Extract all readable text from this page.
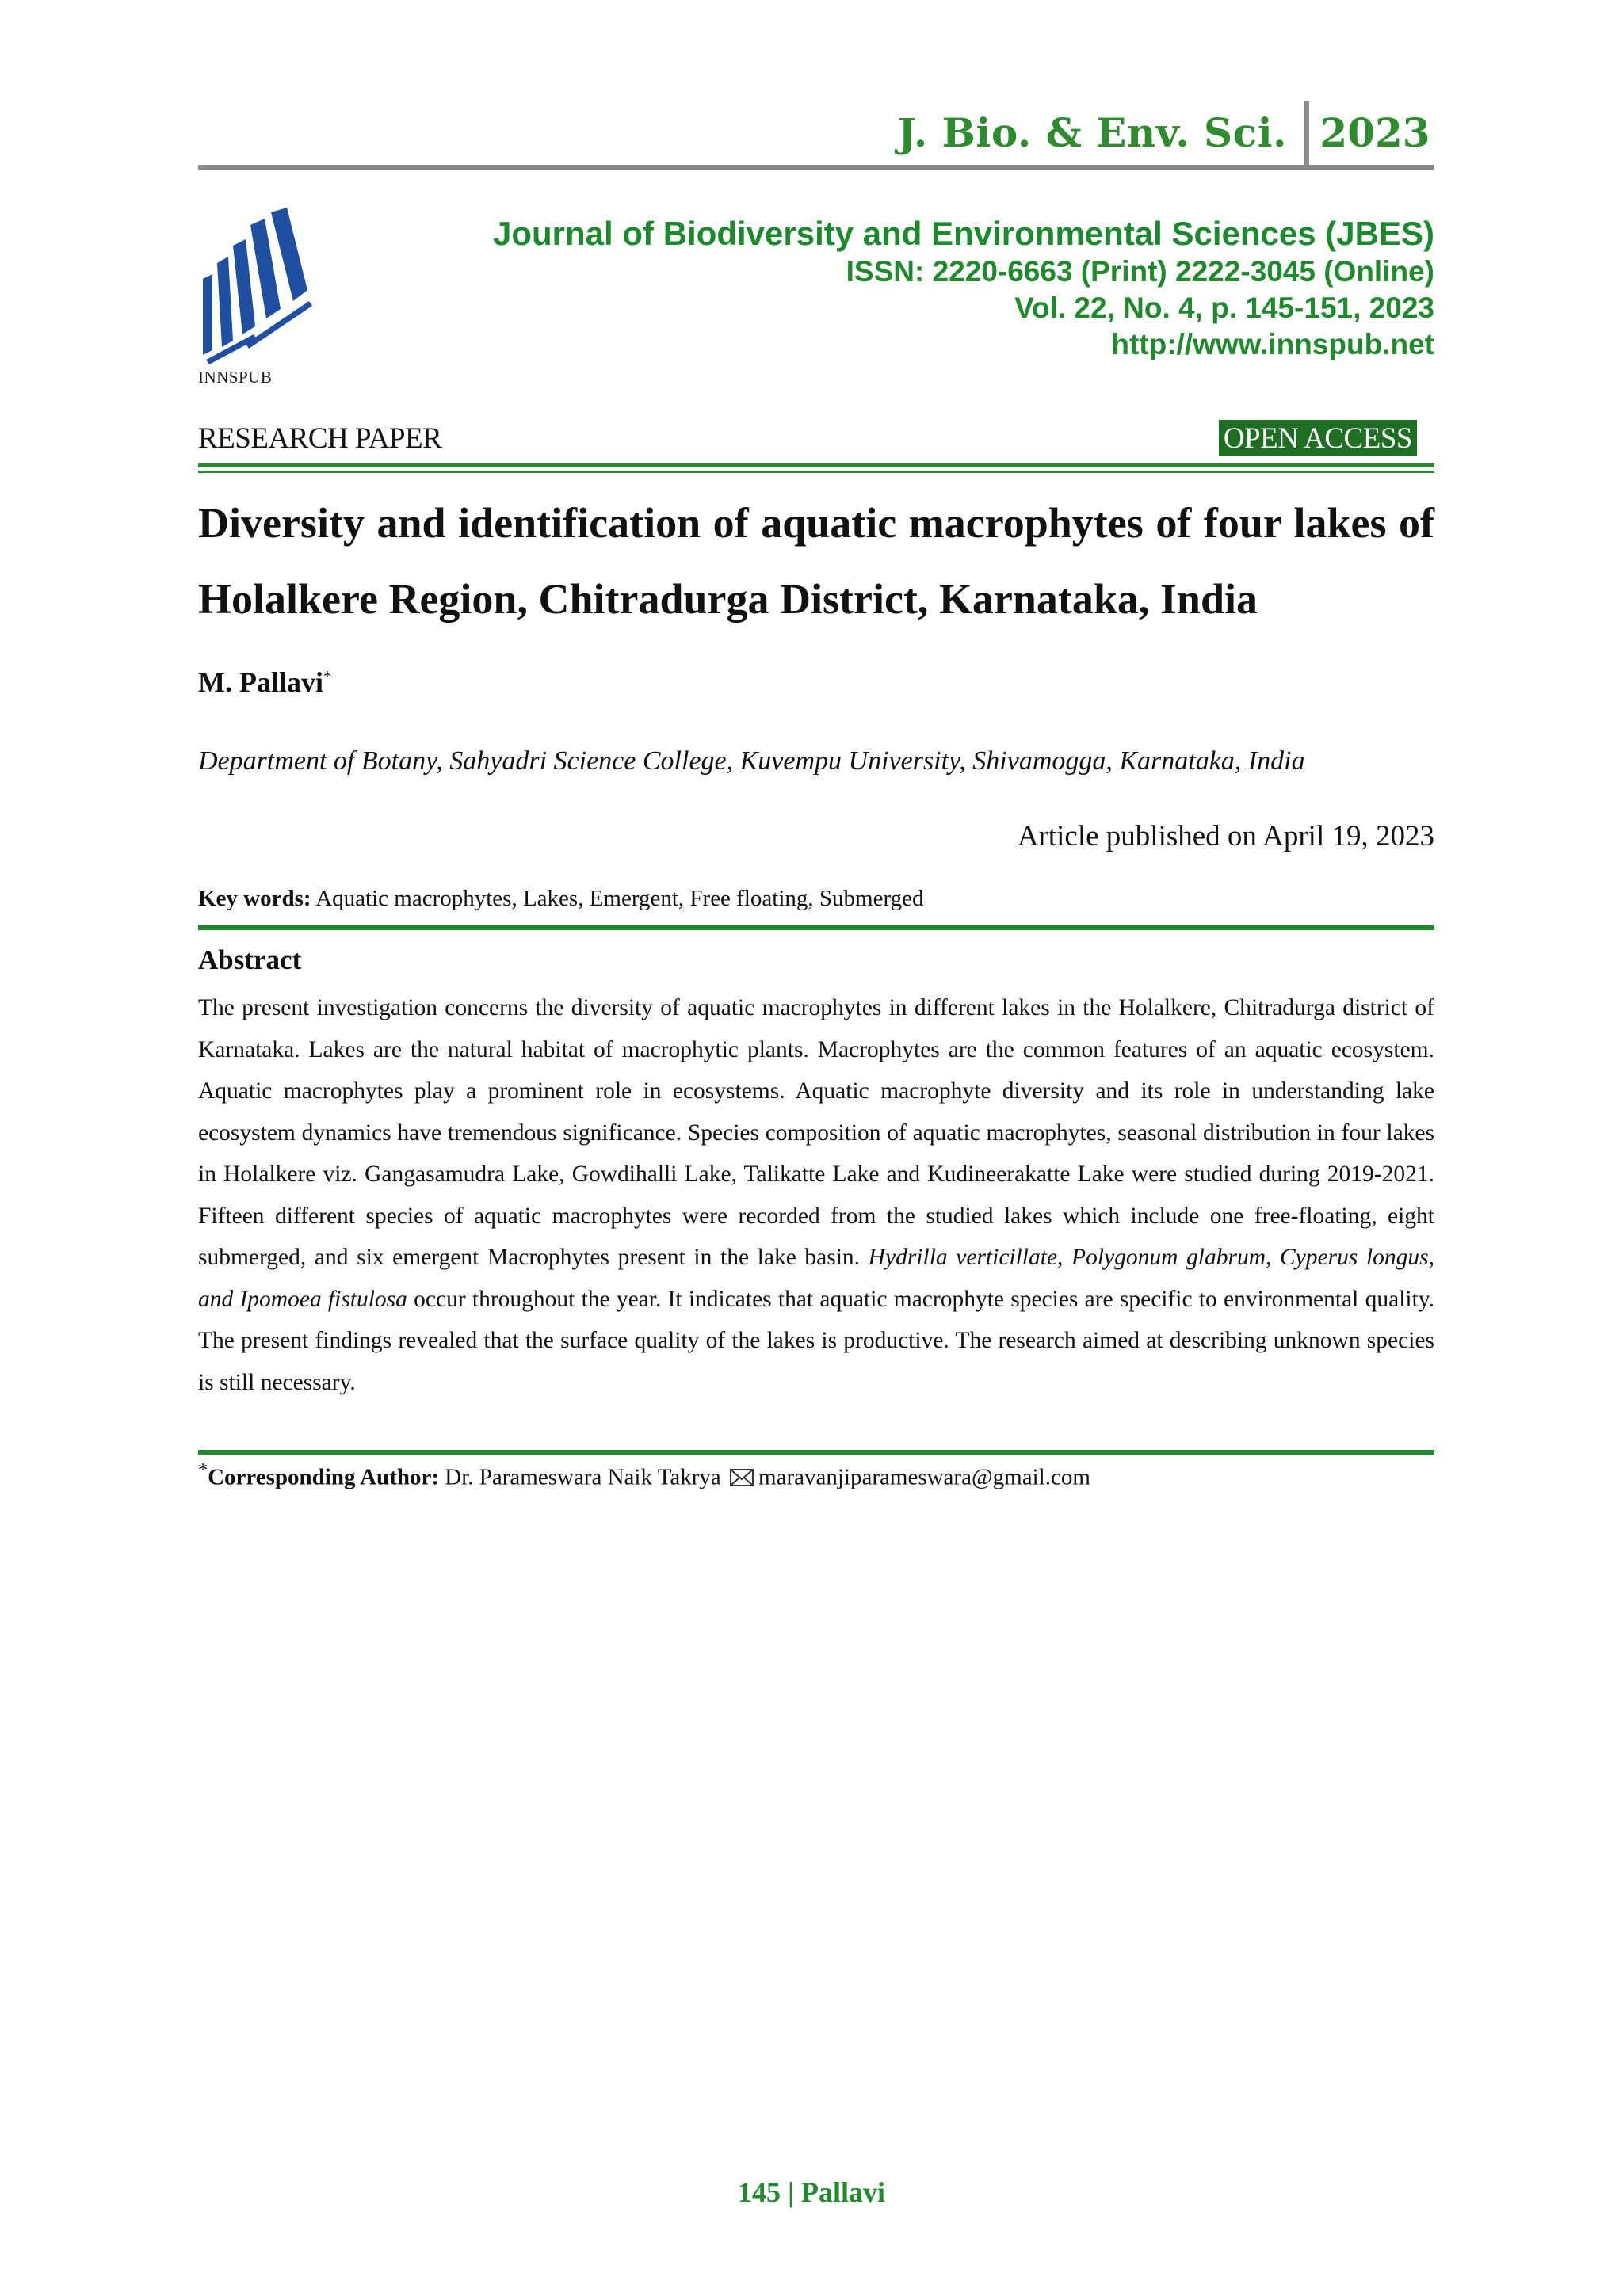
J. Bio. & Env. Sci. 2023
INNSPUB
Journal of Biodiversity and Environmental Sciences (JBES)
ISSN: 2220-6663 (Print) 2222-3045 (Online)
Vol. 22, No. 4, p. 145-151, 2023
http://www.innspub.net
RESEARCH PAPER	OPEN ACCESS
Diversity and identification of aquatic macrophytes of four lakes of Holalkere Region, Chitradurga District, Karnataka, India
M. Pallavi*
Department of Botany, Sahyadri Science College, Kuvempu University, Shivamogga, Karnataka, India
Article published on April 19, 2023
Key words: Aquatic macrophytes, Lakes, Emergent, Free floating, Submerged
Abstract
The present investigation concerns the diversity of aquatic macrophytes in different lakes in the Holalkere, Chitradurga district of Karnataka. Lakes are the natural habitat of macrophytic plants. Macrophytes are the common features of an aquatic ecosystem. Aquatic macrophytes play a prominent role in ecosystems. Aquatic macrophyte diversity and its role in understanding lake ecosystem dynamics have tremendous significance. Species composition of aquatic macrophytes, seasonal distribution in four lakes in Holalkere viz. Gangasamudra Lake, Gowdihalli Lake, Talikatte Lake and Kudineerakatte Lake were studied during 2019-2021. Fifteen different species of aquatic macrophytes were recorded from the studied lakes which include one free-floating, eight submerged, and six emergent Macrophytes present in the lake basin. Hydrilla verticillate, Polygonum glabrum, Cyperus longus, and Ipomoea fistulosa occur throughout the year. It indicates that aquatic macrophyte species are specific to environmental quality. The present findings revealed that the surface quality of the lakes is productive. The research aimed at describing unknown species is still necessary.
*Corresponding Author: Dr. Parameswara Naik Takrya maravanjiparameswara@gmail.com
145 | Pallavi
